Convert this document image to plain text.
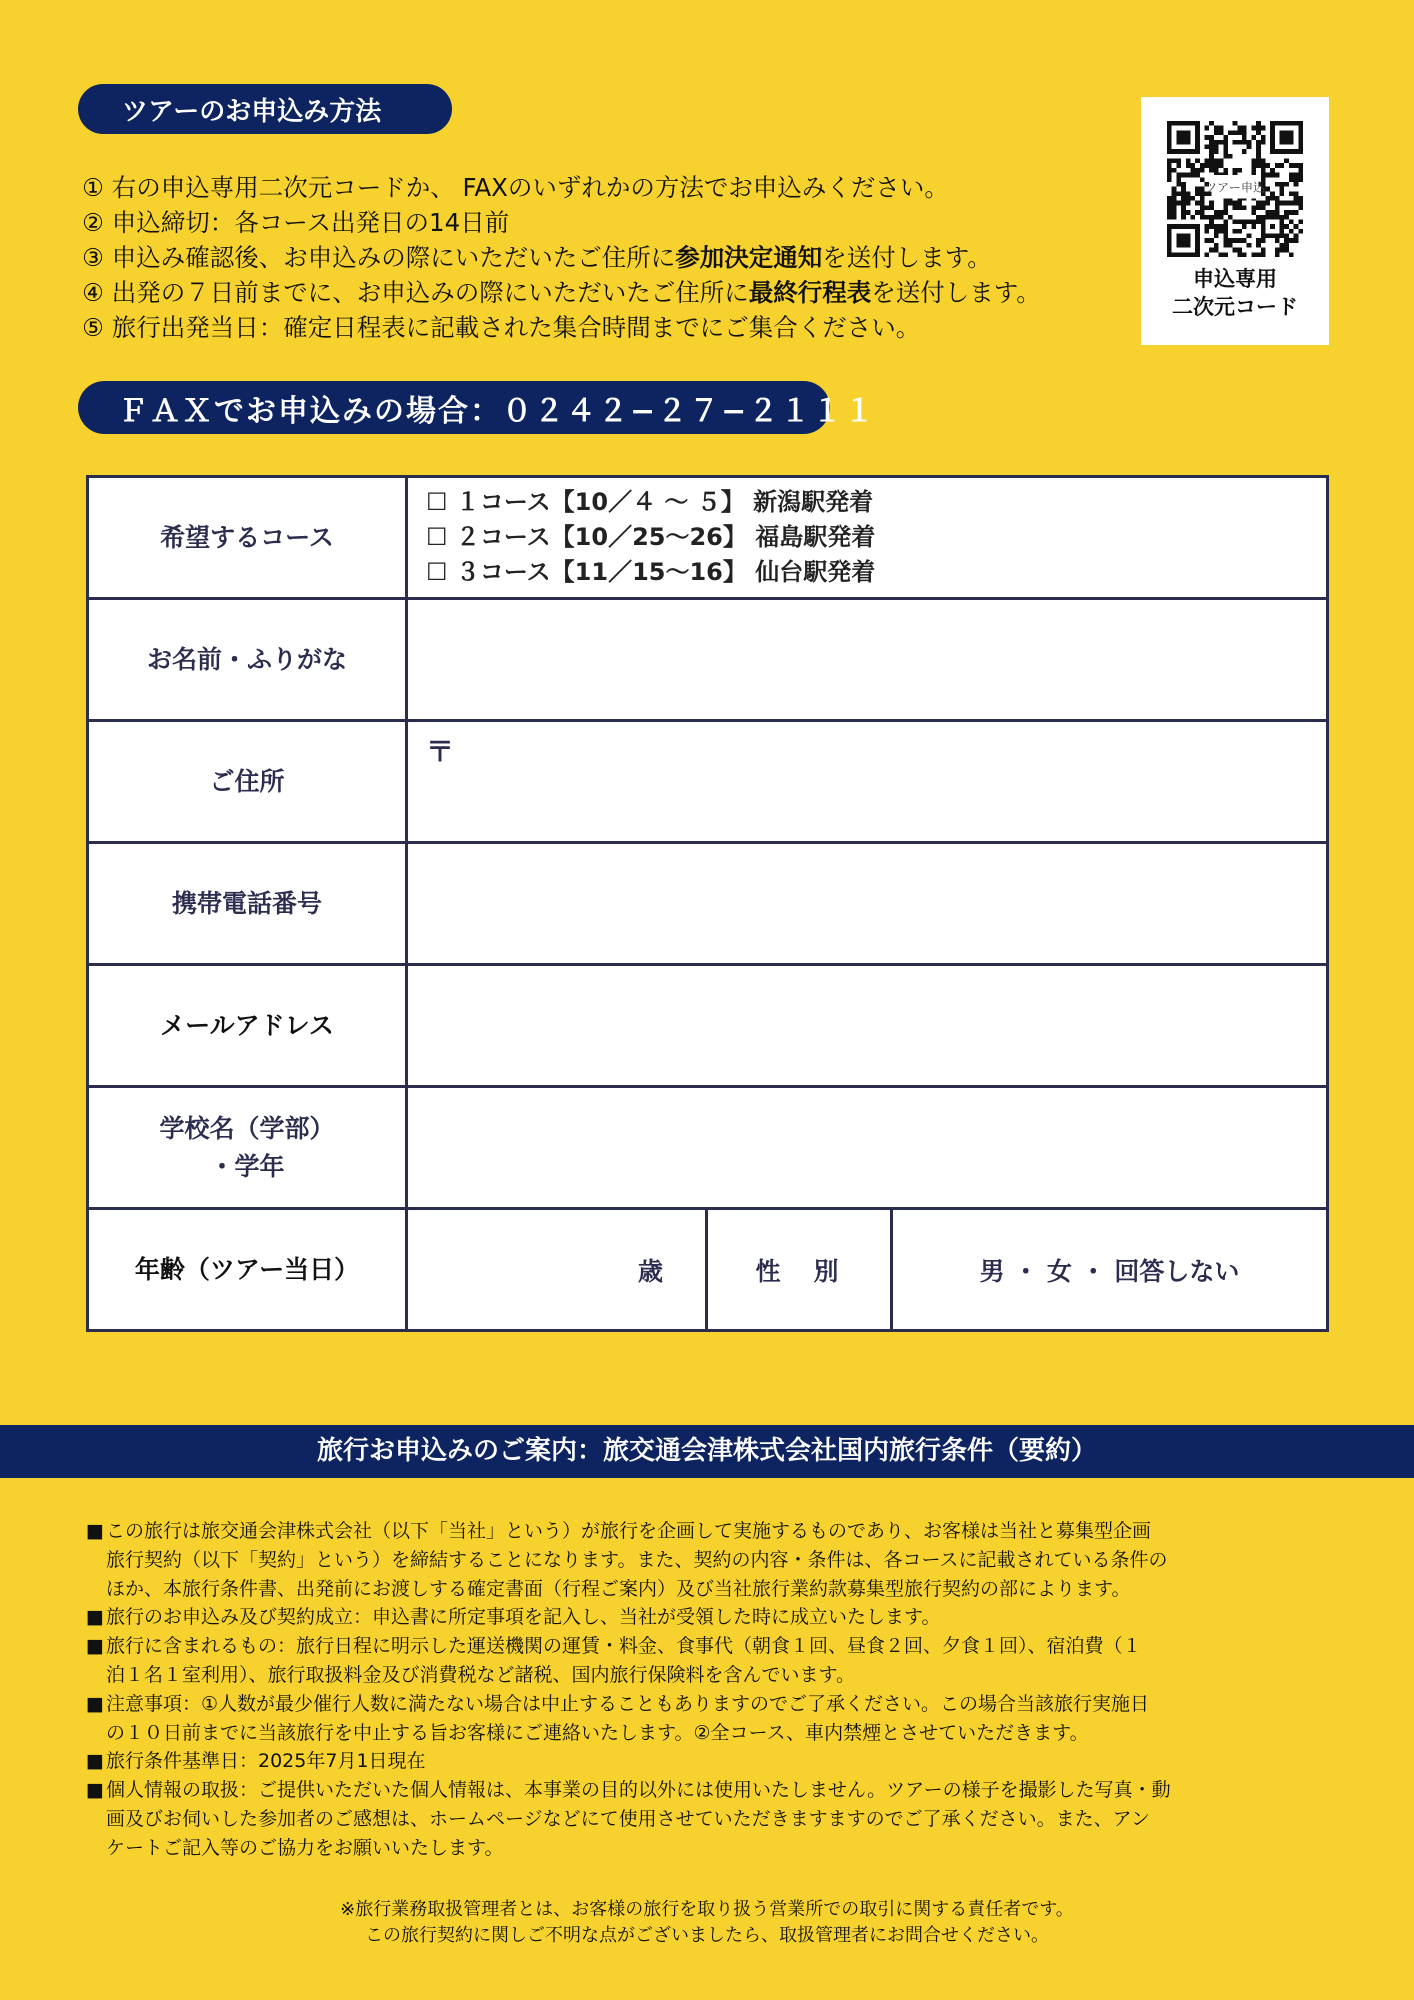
ツアーのお申込み方法
① 右の申込専用二次元コードか、 FAXのいずれかの方法でお申込みください。
② 申込締切：各コース出発日の14日前
③ 申込み確認後、お申込みの際にいただいたご住所に参加決定通知を送付します。
④ 出発の７日前までに、お申込みの際にいただいたご住所に最終行程表を送付します。
⑤ 旅行出発当日：確定日程表に記載された集合時間までにご集合ください。
ツアー申込
申込専用
二次元コード
ＦＡＸでお申込みの場合：０２４２−２７−２１１１
希望するコース	☐ １コース【10／４ 〜 ５】 新潟駅発着
☐ ２コース【10／25〜26】 福島駅発着
☐ ３コース【11／15〜16】 仙台駅発着		

お名前・ふりがな			
ご住所	〒		
携帯電話番号			
メールアドレス			

学校名（学部）
・学年			

年齢（ツアー当日）	歳	性　別	男 ・ 女 ・ 回答しない
旅行お申込みのご案内：旅交通会津株式会社国内旅行条件（要約）
■ この旅行は旅交通会津株式会社（以下「当社」という）が旅行を企画して実施するものであり、お客様は当社と募集型企画
旅行契約（以下「契約」という）を締結することになります。また、契約の内容・条件は、各コースに記載されている条件の
ほか、本旅行条件書、出発前にお渡しする確定書面（行程ご案内）及び当社旅行業約款募集型旅行契約の部によります。
■ 旅行のお申込み及び契約成立：申込書に所定事項を記入し、当社が受領した時に成立いたします。
■ 旅行に含まれるもの：旅行日程に明示した運送機関の運賃・料金、食事代（朝食１回、昼食２回、夕食１回）、宿泊費（１
泊１名１室利用）、旅行取扱料金及び消費税など諸税、国内旅行保険料を含んでいます。
■ 注意事項：①人数が最少催行人数に満たない場合は中止することもありますのでご了承ください。この場合当該旅行実施日
の１０日前までに当該旅行を中止する旨お客様にご連絡いたします。②全コース、車内禁煙とさせていただきます。
■ 旅行条件基準日：2025年7月1日現在
■ 個人情報の取扱：ご提供いただいた個人情報は、本事業の目的以外には使用いたしません。ツアーの様子を撮影した写真・動
画及びお伺いした参加者のご感想は、ホームページなどにて使用させていただきますますのでご了承ください。また、アン
ケートご記入等のご協力をお願いいたします。
※旅行業務取扱管理者とは、お客様の旅行を取り扱う営業所での取引に関する責任者です。
この旅行契約に関しご不明な点がございましたら、取扱管理者にお問合せください。
